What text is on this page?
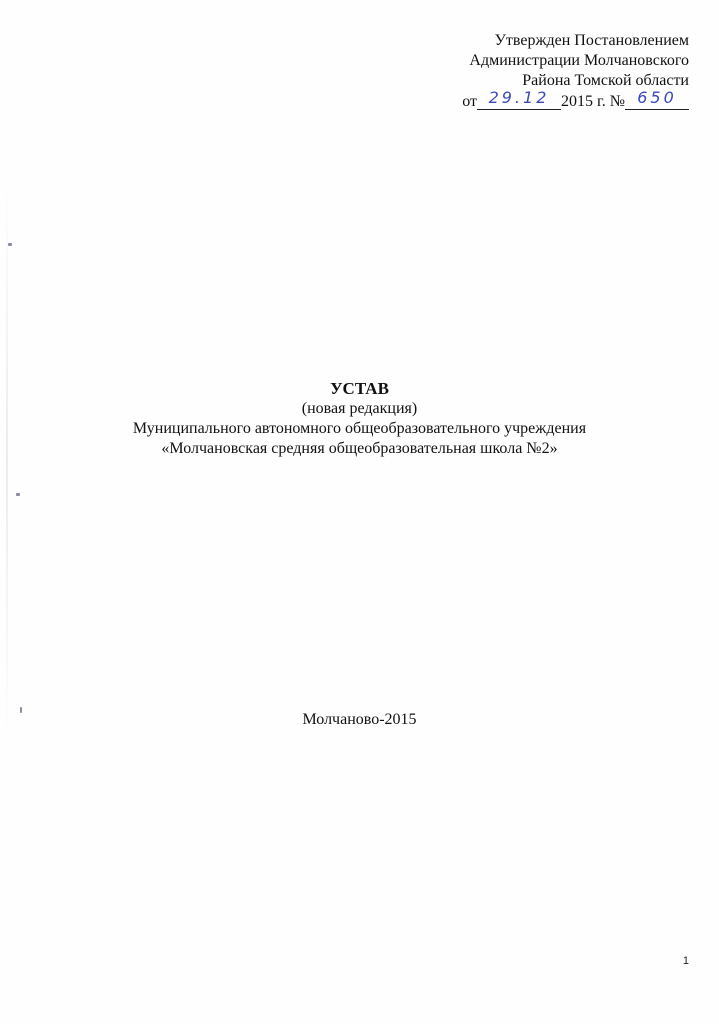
Утвержден Постановлением
Администрации Молчановского
Района Томской области
от 29.12 2015 г. № 650
УСТАВ
(новая редакция)
Муниципального автономного общеобразовательного учреждения
«Молчановская средняя общеобразовательная школа №2»
Молчаново-2015
1
